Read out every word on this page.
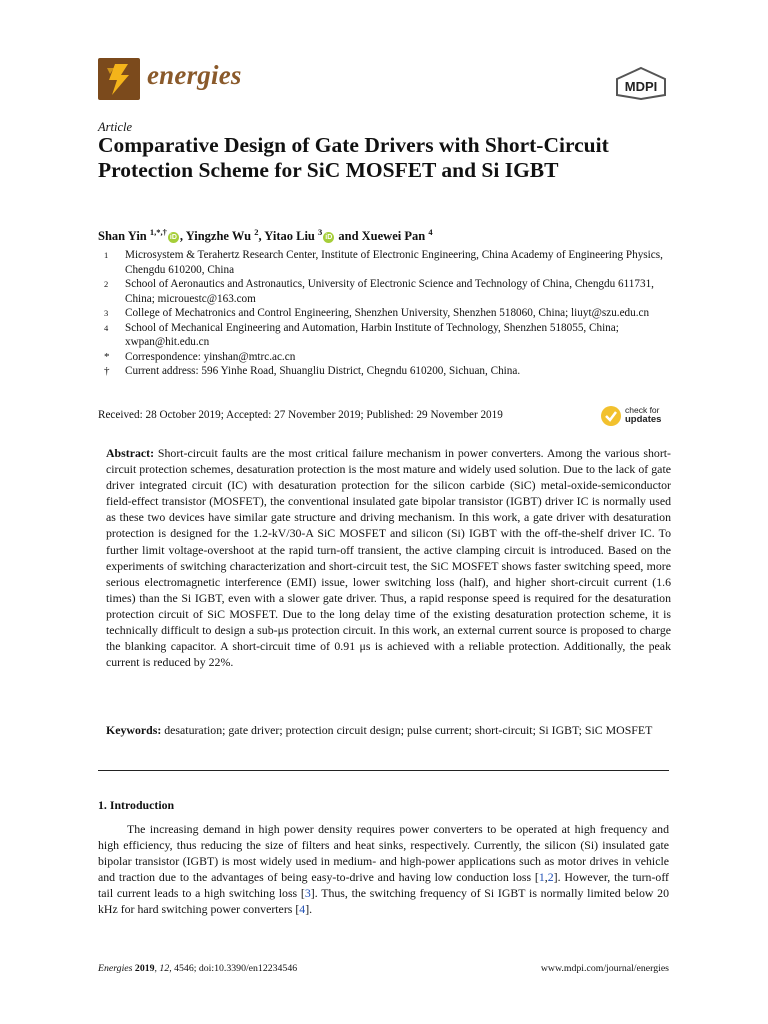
energies	MDPI
Article
Comparative Design of Gate Drivers with Short-Circuit Protection Scheme for SiC MOSFET and Si IGBT
Shan Yin $^{1,*,\dagger}$iD , Yingzhe Wu $^2$, Yitao Liu $^3$iD and Xuewei Pan $^4$
1	Microsystem & Terahertz Research Center, Institute of Electronic Engineering, China Academy of Engineering Physics, Chengdu 610200, China
2	School of Aeronautics and Astronautics, University of Electronic Science and Technology of China, Chengdu 611731, China; microuestc@163.com
3	College of Mechatronics and Control Engineering, Shenzhen University, Shenzhen 518060, China; liuyt@szu.edu.cn
4	School of Mechanical Engineering and Automation, Harbin Institute of Technology, Shenzhen 518055, China; xwpan@hit.edu.cn
*	Correspondence: yinshan@mtrc.ac.cn
†	Current address: 596 Yinhe Road, Shuangliu District, Chegndu 610200, Sichuan, China.
Received: 28 October 2019; Accepted: 27 November 2019; Published: 29 November 2019	check for
updates

Abstract: Short-circuit faults are the most critical failure mechanism in power converters. Among the various short-circuit protection schemes, desaturation protection is the most mature and widely used solution. Due to the lack of gate driver integrated circuit (IC) with desaturation protection for the silicon carbide (SiC) metal-oxide-semiconductor field-effect transistor (MOSFET), the conventional insulated gate bipolar transistor (IGBT) driver IC is normally used as these two devices have similar gate structure and driving mechanism. In this work, a gate driver with desaturation protection is designed for the 1.2-kV/30-A SiC MOSFET and silicon (Si) IGBT with the off-the-shelf driver IC. To further limit voltage-overshoot at the rapid turn-off transient, the active clamping circuit is introduced. Based on the experiments of switching characterization and short-circuit test, the SiC MOSFET shows faster switching speed, more serious electromagnetic interference (EMI) issue, lower switching loss (half), and higher short-circuit current (1.6 times) than the Si IGBT, even with a slower gate driver. Thus, a rapid response speed is required for the desaturation protection circuit of SiC MOSFET. Due to the long delay time of the existing desaturation protection scheme, it is technically difficult to design a sub-μs protection circuit. In this work, an external current source is proposed to charge the blanking capacitor. A short-circuit time of 0.91 μs is achieved with a reliable protection. Additionally, the peak current is reduced by 22%.

Keywords: desaturation; gate driver; protection circuit design; pulse current; short-circuit; Si IGBT; SiC MOSFET

1. Introduction

The increasing demand in high power density requires power converters to be operated at high frequency and high efficiency, thus reducing the size of filters and heat sinks, respectively. Currently, the silicon (Si) insulated gate bipolar transistor (IGBT) is most widely used in medium- and high-power applications such as motor drives in vehicle and traction due to the advantages of being easy-to-drive and having low conduction loss [1,2]. However, the turn-off tail current leads to a high switching loss [3]. Thus, the switching frequency of Si IGBT is normally limited below 20 kHz for hard switching power converters [4].

Energies 2019, 12, 4546; doi:10.3390/en12234546	www.mdpi.com/journal/energies
